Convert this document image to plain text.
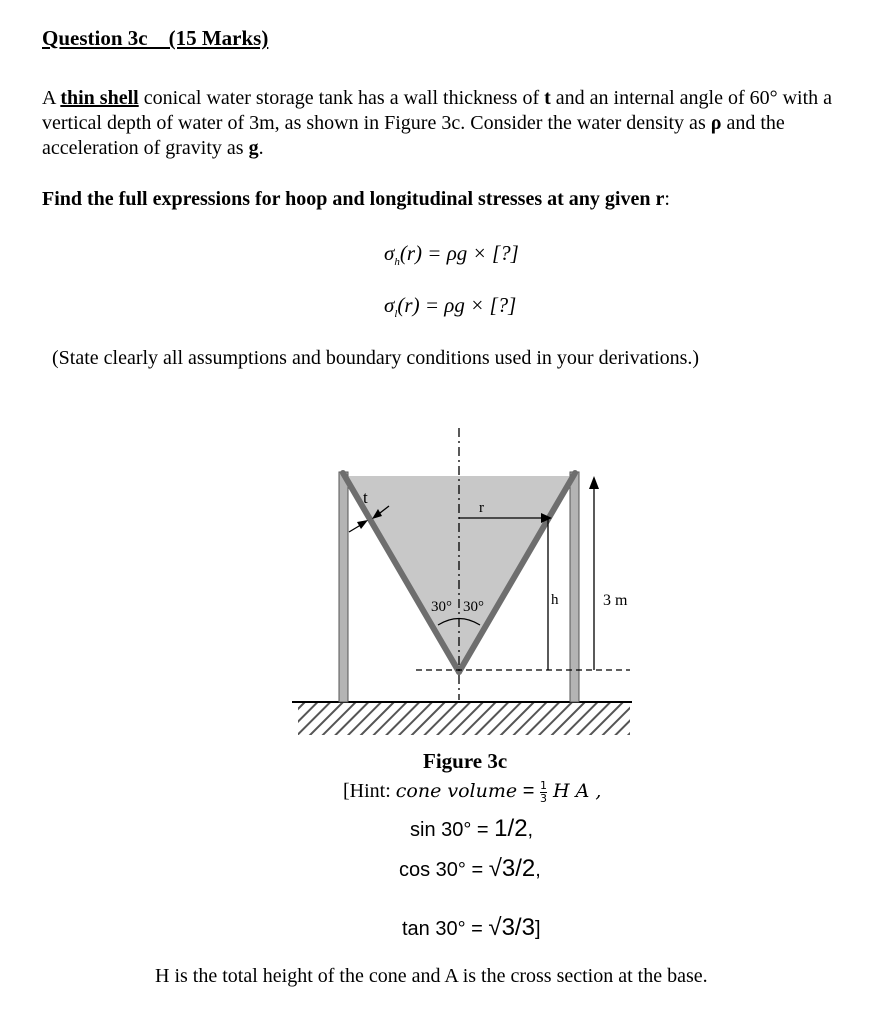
Question 3c    (15 Marks)
A thin shell conical water storage tank has a wall thickness of t and an internal angle of 60° with a vertical depth of water of 3m, as shown in Figure 3c. Consider the water density as ρ and the acceleration of gravity as g.
Find the full expressions for hoop and longitudinal stresses at any given r:
$\sigma_h(r) = \rho g$ × [?]
$\sigma_l(r) = \rho g$ × [?]
(State clearly all assumptions and boundary conditions used in your derivations.)
t
r
30° 30°	h	3 m
Figure 3c
[Hint: cone volume = $\frac{1}{3}$ H A ,
sin 30° = 1/2,
cos 30° = √3/2,
tan 30° = √3/3]
H is the total height of the cone and A is the cross section at the base.
